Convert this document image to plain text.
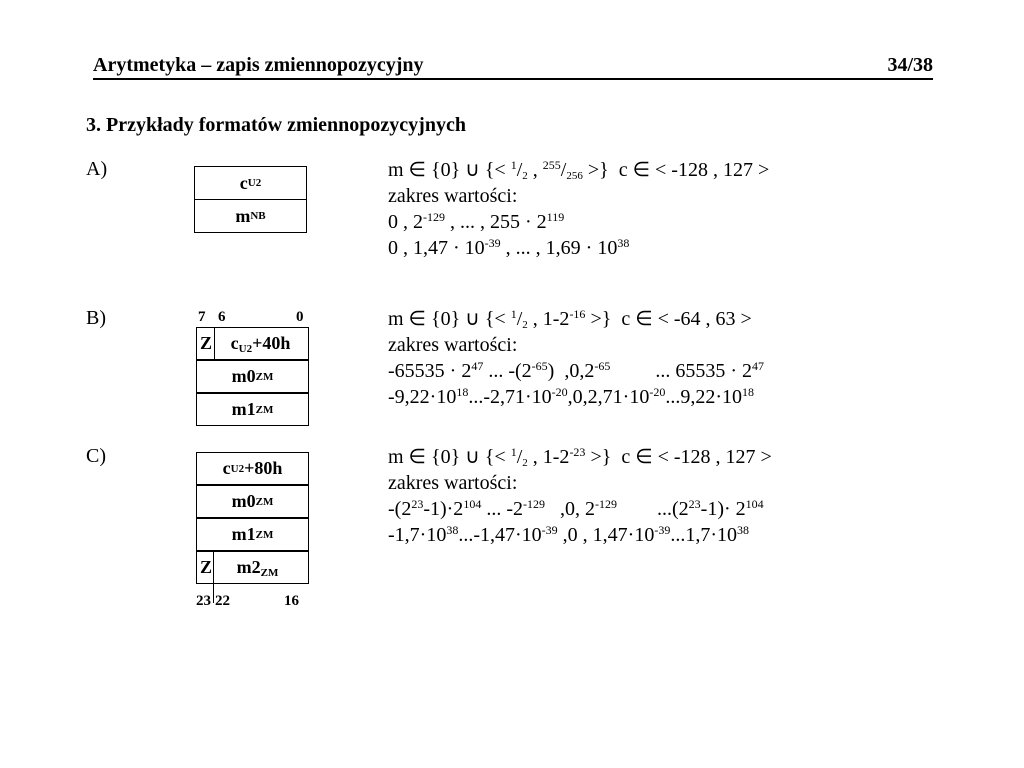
Arytmetyka – zapis zmiennopozycyjny	34/38
3. Przykłady formatów zmiennopozycyjnych
A)
c U2
m NB
m ∈ {0} ∪ {< $^1/_2$ , $^{255}/_{256}$ >}  c ∈ < -128 , 127 >
zakres wartości:
0 , $2^{-129}$ , ... , $255 \cdot 2^{119}$
0 , $1,47 \cdot 10^{-39}$ , ... , $1,69 \cdot 10^{38}$
B)	7 6	0
Z $c_{U2}+40h$
m0 ZM
m1 ZM
m ∈ {0} ∪ {< $^1/_2$ , $1-2^{-16}$ >}  c ∈ < -64 , 63 >
zakres wartości:
$-65535 \cdot 2^{47}$ ... $-(2^{-65})$  $,0,2^{-65}$         ... $65535 \cdot 2^{47}$
$-9,22\cdot 10^{18}...-2,71\cdot 10^{-20},0,2,71\cdot 10^{-20}...9,22\cdot 10^{18}$
C)
c U2 +80h
m0 ZM
m1 ZM
Z $m2_{ZM}$
23 22	16
m ∈ {0} ∪ {< $^1/_2$ , $1-2^{-23}$ >}  c ∈ < -128 , 127 >
zakres wartości:
$-(2^{23}-1)\cdot 2^{104}$ ... $-2^{-129}$   ,0, $2^{-129}$        $...(2^{23}-1)\cdot 2^{104}$
$-1,7\cdot 10^{38}...-1,47\cdot 10^{-39}$ ,0 , $1,47\cdot 10^{-39}...1,7\cdot 10^{38}$
